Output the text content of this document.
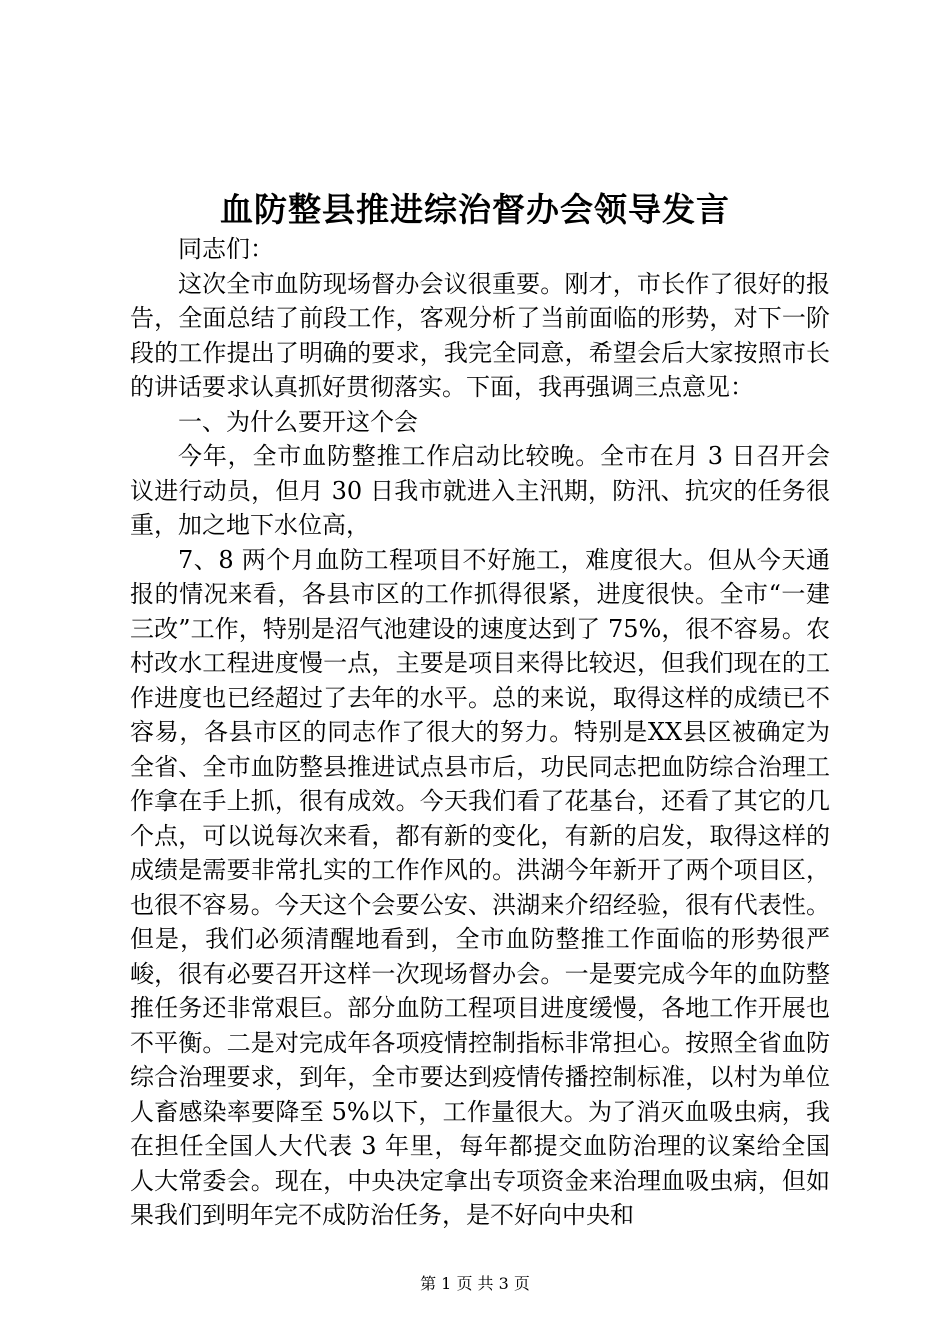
血防整县推进综治督办会领导发言

同志们：

这次全市血防现场督办会议很重要。刚才，市长作了很好的报告，全面总结了前段工作，客观分析了当前面临的形势，对下一阶段的工作提出了明确的要求，我完全同意，希望会后大家按照市长的讲话要求认真抓好贯彻落实。下面，我再强调三点意见：

一、为什么要开这个会

今年，全市血防整推工作启动比较晚。全市在月 3 日召开会议进行动员，但月 30 日我市就进入主汛期，防汛、抗灾的任务很重，加之地下水位高，

7、8 两个月血防工程项目不好施工，难度很大。但从今天通报的情况来看，各县市区的工作抓得很紧，进度很快。全市“一建三改”工作，特别是沼气池建设的速度达到了 75%，很不容易。农村改水工程进度慢一点，主要是项目来得比较迟，但我们现在的工作进度也已经超过了去年的水平。总的来说，取得这样的成绩已不容易，各县市区的同志作了很大的努力。特别是XX县区被确定为全省、全市血防整县推进试点县市后，功民同志把血防综合治理工作拿在手上抓，很有成效。今天我们看了花基台，还看了其它的几个点，可以说每次来看，都有新的变化，有新的启发，取得这样的成绩是需要非常扎实的工作作风的。洪湖今年新开了两个项目区，也很不容易。今天这个会要公安、洪湖来介绍经验，很有代表性。但是，我们必须清醒地看到，全市血防整推工作面临的形势很严峻，很有必要召开这样一次现场督办会。一是要完成今年的血防整推任务还非常艰巨。部分血防工程项目进度缓慢，各地工作开展也不平衡。二是对完成年各项疫情控制指标非常担心。按照全省血防综合治理要求，到年，全市要达到疫情传播控制标准，以村为单位人畜感染率要降至 5%以下，工作量很大。为了消灭血吸虫病，我在担任全国人大代表 3 年里，每年都提交血防治理的议案给全国人大常委会。现在，中央决定拿出专项资金来治理血吸虫病，但如果我们到明年完不成防治任务，是不好向中央和

第 1 页 共 3 页
